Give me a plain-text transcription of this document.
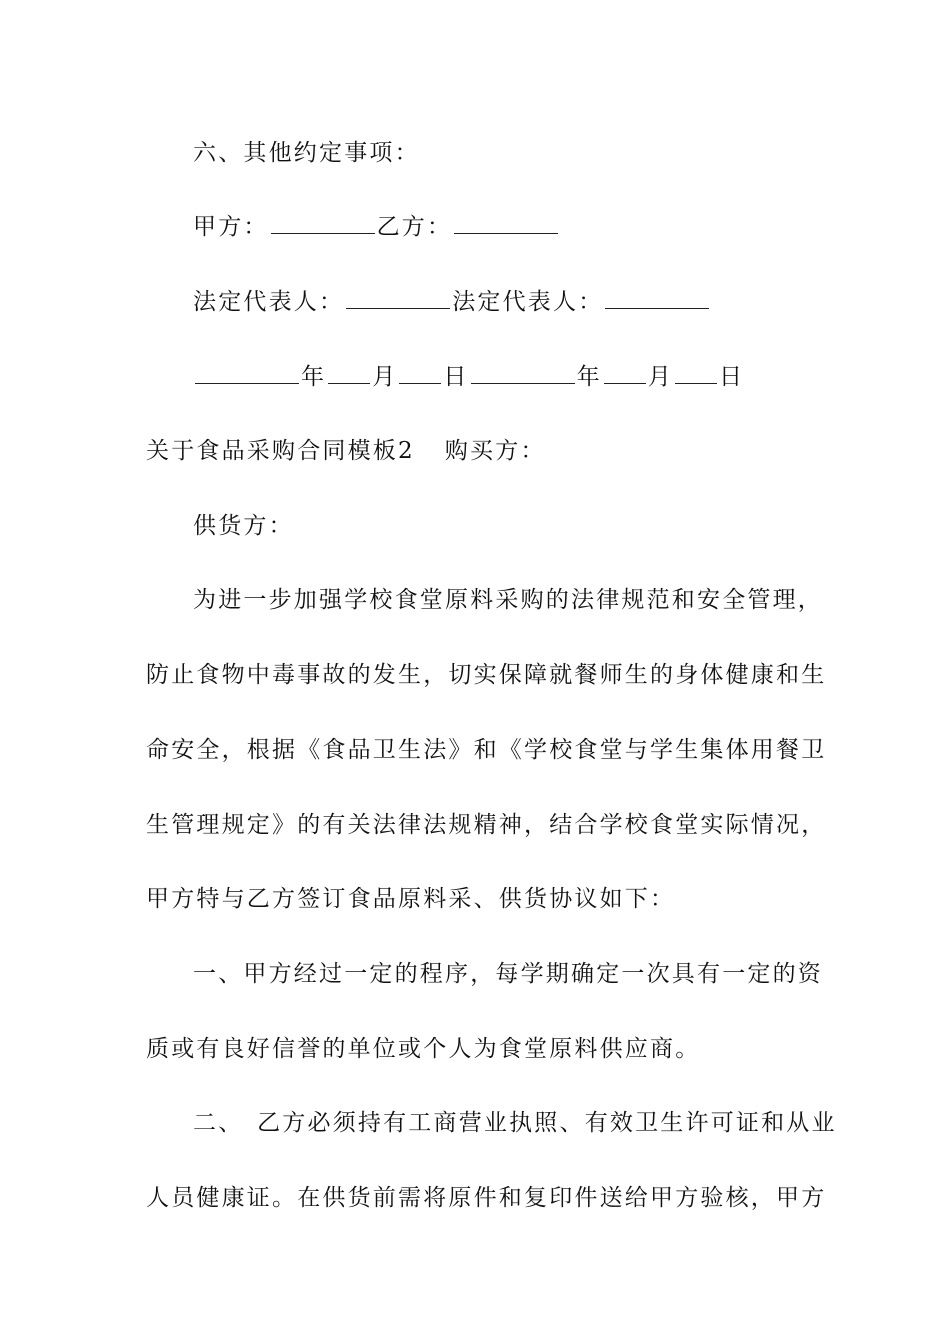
六、其他约定事项：
甲方：	乙方：
法定代表人：	法定代表人：
年 月 日	年 月 日
关于食品采购合同模板2 购买方：
供货方：
为进一步加强学校食堂原料采购的法律规范和安全管理，
防止食物中毒事故的发生，切实保障就餐师生的身体健康和生
命安全，根据《食品卫生法》和《学校食堂与学生集体用餐卫
生管理规定》的有关法律法规精神，结合学校食堂实际情况，
甲方特与乙方签订食品原料采、供货协议如下：
一、甲方经过一定的程序，每学期确定一次具有一定的资
质或有良好信誉的单位或个人为食堂原料供应商。
二、　乙方必须持有工商营业执照、有效卫生许可证和从业
人员健康证。在供货前需将原件和复印件送给甲方验核，甲方
